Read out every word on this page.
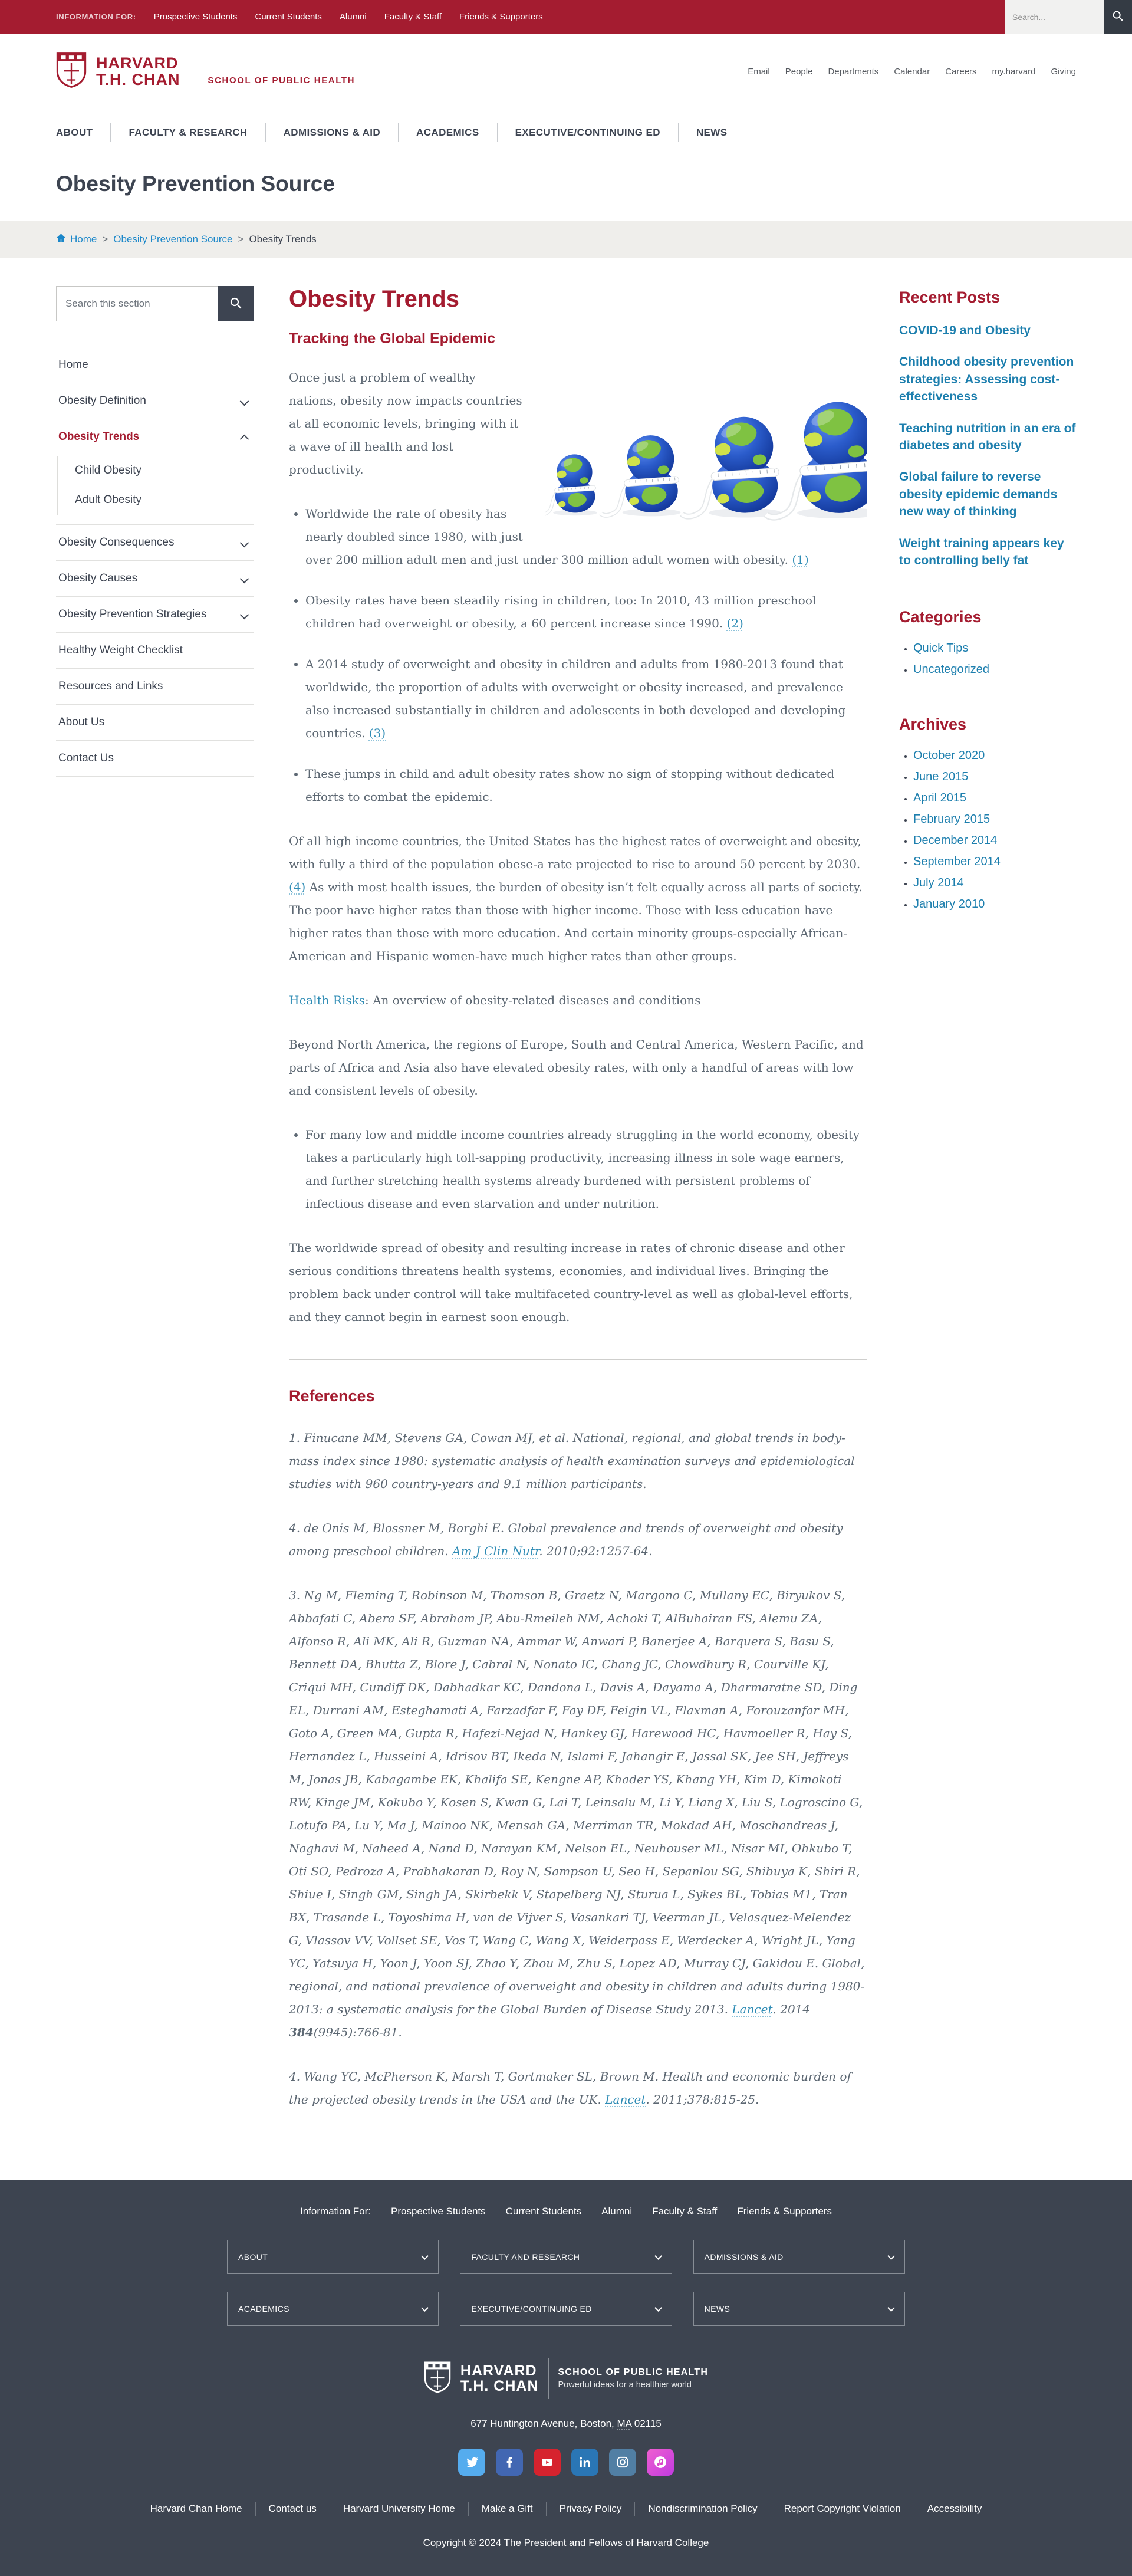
INFORMATION FOR: Prospective Students Current Students Alumni Faculty & Staff Friends & Supporters
Search...
HARVARD
T.H. CHAN	SCHOOL OF PUBLIC HEALTH
Email People Departments Calendar Careers my.harvard Giving
ABOUT	FACULTY & RESEARCH	ADMISSIONS & AID	ACADEMICS	EXECUTIVE/CONTINUING ED	NEWS
Obesity Prevention Source
Home > Obesity Prevention Source > Obesity Trends
Search this section
Home
Obesity Definition
Obesity Trends
Child Obesity
Adult Obesity
Obesity Consequences
Obesity Causes
Obesity Prevention Strategies
Healthy Weight Checklist
Resources and Links
About Us
Contact Us
Obesity Trends
Tracking the Global Epidemic

Once just a problem of wealthy nations, obesity now impacts countries at all economic levels, bringing with it a wave of ill health and lost productivity.

• Worldwide the rate of obesity has nearly doubled since 1980, with just over 200 million adult men and just under 300 million adult women with obesity. (1)
• Obesity rates have been steadily rising in children, too: In 2010, 43 million preschool children had overweight or obesity, a 60 percent increase since 1990. (2)
• A 2014 study of overweight and obesity in children and adults from 1980-2013 found that worldwide, the proportion of adults with overweight or obesity increased, and prevalence also increased substantially in children and adolescents in both developed and developing countries. (3)
• These jumps in child and adult obesity rates show no sign of stopping without dedicated efforts to combat the epidemic.

Of all high income countries, the United States has the highest rates of overweight and obesity, with fully a third of the population obese-a rate projected to rise to around 50 percent by 2030. (4) As with most health issues, the burden of obesity isn’t felt equally across all parts of society. The poor have higher rates than those with higher income. Those with less education have higher rates than those with more education. And certain minority groups-especially African-American and Hispanic women-have much higher rates than other groups.

Health Risks: An overview of obesity-related diseases and conditions

Beyond North America, the regions of Europe, South and Central America, Western Pacific, and parts of Africa and Asia also have elevated obesity rates, with only a handful of areas with low and consistent levels of obesity.

• For many low and middle income countries already struggling in the world economy, obesity takes a particularly high toll-sapping productivity, increasing illness in sole wage earners, and further stretching health systems already burdened with persistent problems of infectious disease and even starvation and under nutrition.

The worldwide spread of obesity and resulting increase in rates of chronic disease and other serious conditions threatens health systems, economies, and individual lives. Bringing the problem back under control will take multifaceted country-level as well as global-level efforts, and they cannot begin in earnest soon enough.

References

1. Finucane MM, Stevens GA, Cowan MJ, et al. National, regional, and global trends in body-mass index since 1980: systematic analysis of health examination surveys and epidemiological studies with 960 country-years and 9.1 million participants.

4. de Onis M, Blossner M, Borghi E. Global prevalence and trends of overweight and obesity among preschool children. Am J Clin Nutr. 2010;92:1257-64.

3. Ng M, Fleming T, Robinson M, Thomson B, Graetz N, Margono C, Mullany EC, Biryukov S, Abbafati C, Abera SF, Abraham JP, Abu-Rmeileh NM, Achoki T, AlBuhairan FS, Alemu ZA, Alfonso R, Ali MK, Ali R, Guzman NA, Ammar W, Anwari P, Banerjee A, Barquera S, Basu S, Bennett DA, Bhutta Z, Blore J, Cabral N, Nonato IC, Chang JC, Chowdhury R, Courville KJ, Criqui MH, Cundiff DK, Dabhadkar KC, Dandona L, Davis A, Dayama A, Dharmaratne SD, Ding EL, Durrani AM, Esteghamati A, Farzadfar F, Fay DF, Feigin VL, Flaxman A, Forouzanfar MH, Goto A, Green MA, Gupta R, Hafezi-Nejad N, Hankey GJ, Harewood HC, Havmoeller R, Hay S, Hernandez L, Husseini A, Idrisov BT, Ikeda N, Islami F, Jahangir E, Jassal SK, Jee SH, Jeffreys M, Jonas JB, Kabagambe EK, Khalifa SE, Kengne AP, Khader YS, Khang YH, Kim D, Kimokoti RW, Kinge JM, Kokubo Y, Kosen S, Kwan G, Lai T, Leinsalu M, Li Y, Liang X, Liu S, Logroscino G, Lotufo PA, Lu Y, Ma J, Mainoo NK, Mensah GA, Merriman TR, Mokdad AH, Moschandreas J, Naghavi M, Naheed A, Nand D, Narayan KM, Nelson EL, Neuhouser ML, Nisar MI, Ohkubo T, Oti SO, Pedroza A, Prabhakaran D, Roy N, Sampson U, Seo H, Sepanlou SG, Shibuya K, Shiri R, Shiue I, Singh GM, Singh JA, Skirbekk V, Stapelberg NJ, Sturua L, Sykes BL, Tobias M1, Tran BX, Trasande L, Toyoshima H, van de Vijver S, Vasankari TJ, Veerman JL, Velasquez-Melendez G, Vlassov VV, Vollset SE, Vos T, Wang C, Wang X, Weiderpass E, Werdecker A, Wright JL, Yang YC, Yatsuya H, Yoon J, Yoon SJ, Zhao Y, Zhou M, Zhu S, Lopez AD, Murray CJ, Gakidou E. Global, regional, and national prevalence of overweight and obesity in children and adults during 1980-2013: a systematic analysis for the Global Burden of Disease Study 2013. Lancet. 2014 384(9945):766-81.

4. Wang YC, McPherson K, Marsh T, Gortmaker SL, Brown M. Health and economic burden of the projected obesity trends in the USA and the UK. Lancet. 2011;378:815-25.

Recent Posts
COVID-19 and Obesity
Childhood obesity prevention strategies: Assessing cost-effectiveness
Teaching nutrition in an era of diabetes and obesity
Global failure to reverse obesity epidemic demands new way of thinking
Weight training appears key to controlling belly fat
Categories
• Quick Tips
• Uncategorized
Archives
• October 2020
• June 2015
• April 2015
• February 2015
• December 2014
• September 2014
• July 2014
• January 2010
Information For: Prospective Students Current Students Alumni Faculty & Staff Friends & Supporters
ABOUT	FACULTY AND RESEARCH	ADMISSIONS & AID
ACADEMICS	EXECUTIVE/CONTINUING ED	NEWS
HARVARD
T.H. CHAN
SCHOOL OF PUBLIC HEALTH
Powerful ideas for a healthier world
677 Huntington Avenue, Boston, MA 02115
Harvard Chan Home	Contact us	Harvard University Home	Make a Gift	Privacy Policy	Nondiscrimination Policy	Report Copyright Violation	Accessibility
Copyright © 2024 The President and Fellows of Harvard College
